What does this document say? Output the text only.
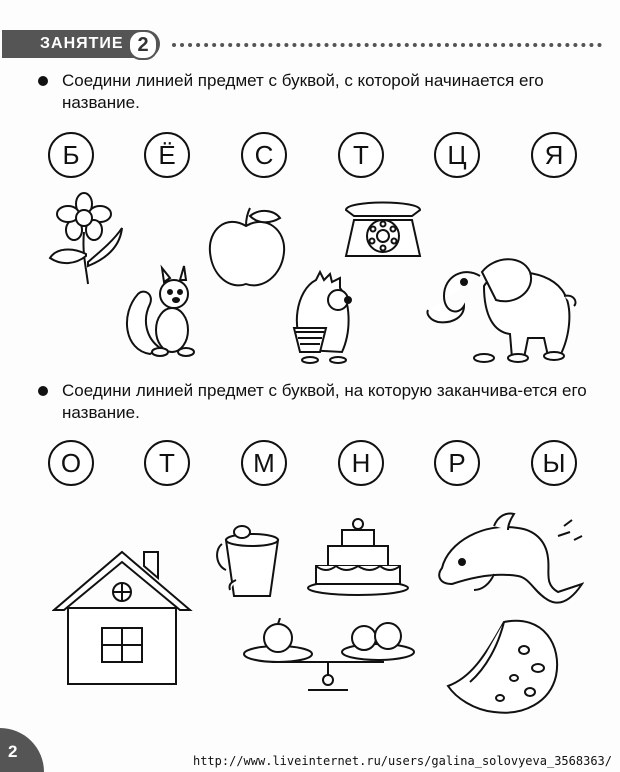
ЗАНЯТИЕ 2
Соедини линией предмет с буквой, с которой начинается его название.
Б	Ё	С	Т	Ц	Я
Соедини линией предмет с буквой, на которую заканчива-ется его название.
О	Т	М	Н	Р	Ы
2	http://www.liveinternet.ru/users/galina_solovyeva_3568363/
